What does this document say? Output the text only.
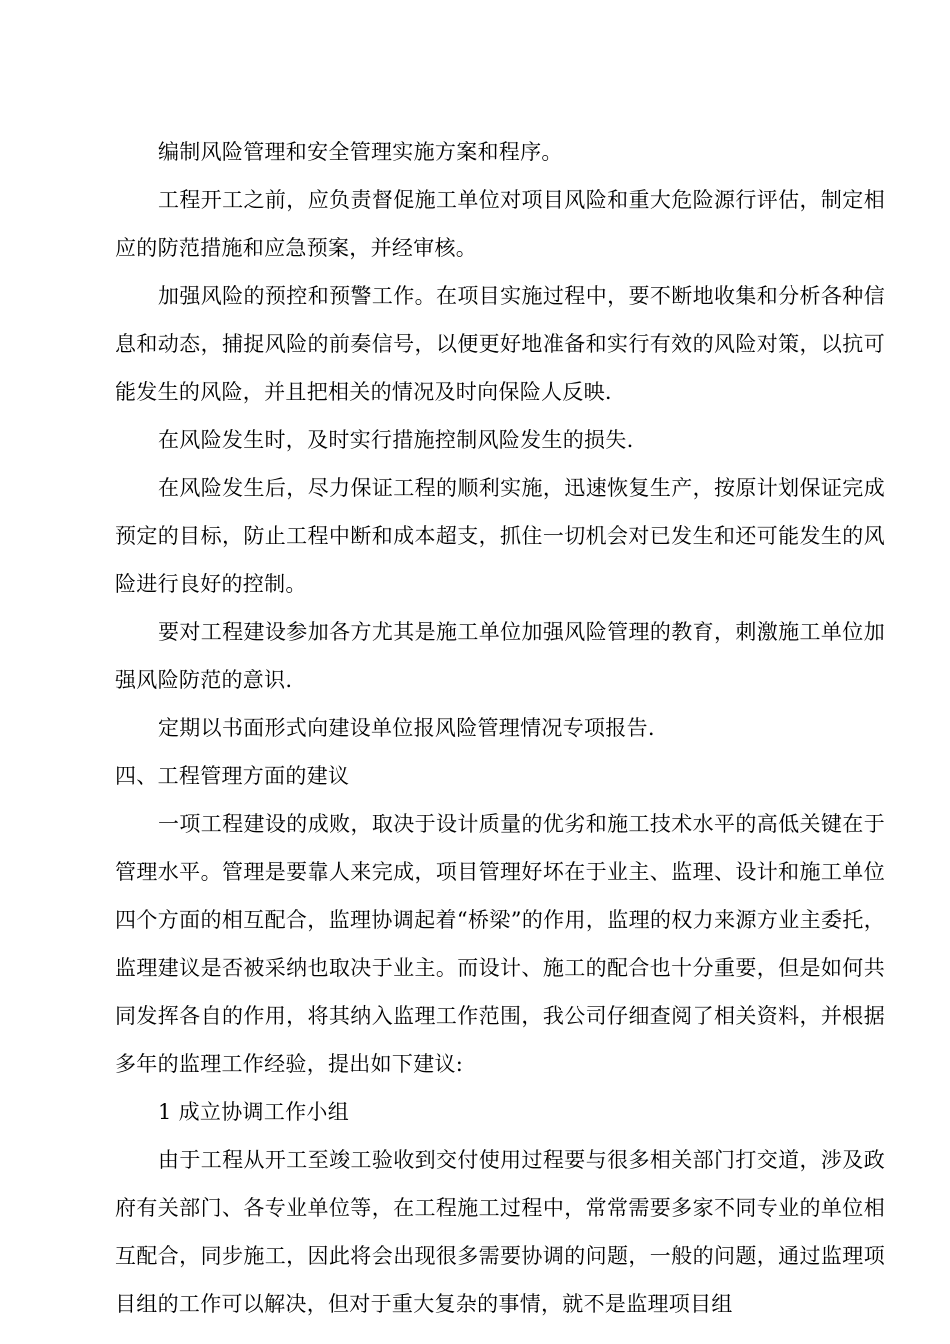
编制风险管理和安全管理实施方案和程序。

工程开工之前，应负责督促施工单位对项目风险和重大危险源行评估，制定相应的防范措施和应急预案，并经审核。

加强风险的预控和预警工作。在项目实施过程中，要不断地收集和分析各种信息和动态，捕捉风险的前奏信号，以便更好地准备和实行有效的风险对策，以抗可能发生的风险，并且把相关的情况及时向保险人反映.

在风险发生时，及时实行措施控制风险发生的损失.

在风险发生后，尽力保证工程的顺利实施，迅速恢复生产，按原计划保证完成预定的目标，防止工程中断和成本超支，抓住一切机会对已发生和还可能发生的风险进行良好的控制。

要对工程建设参加各方尤其是施工单位加强风险管理的教育，刺激施工单位加强风险防范的意识.

定期以书面形式向建设单位报风险管理情况专项报告.

四、工程管理方面的建议

一项工程建设的成败，取决于设计质量的优劣和施工技术水平的高低关键在于管理水平。管理是要靠人来完成，项目管理好坏在于业主、监理、设计和施工单位四个方面的相互配合，监理协调起着“桥梁”的作用，监理的权力来源方业主委托，监理建议是否被采纳也取决于业主。而设计、施工的配合也十分重要，但是如何共同发挥各自的作用，将其纳入监理工作范围，我公司仔细查阅了相关资料，并根据多年的监理工作经验，提出如下建议:

1 成立协调工作小组

由于工程从开工至竣工验收到交付使用过程要与很多相关部门打交道，涉及政府有关部门、各专业单位等，在工程施工过程中，常常需要多家不同专业的单位相互配合，同步施工，因此将会出现很多需要协调的问题，一般的问题，通过监理项目组的工作可以解决，但对于重大复杂的事情，就不是监理项目组
